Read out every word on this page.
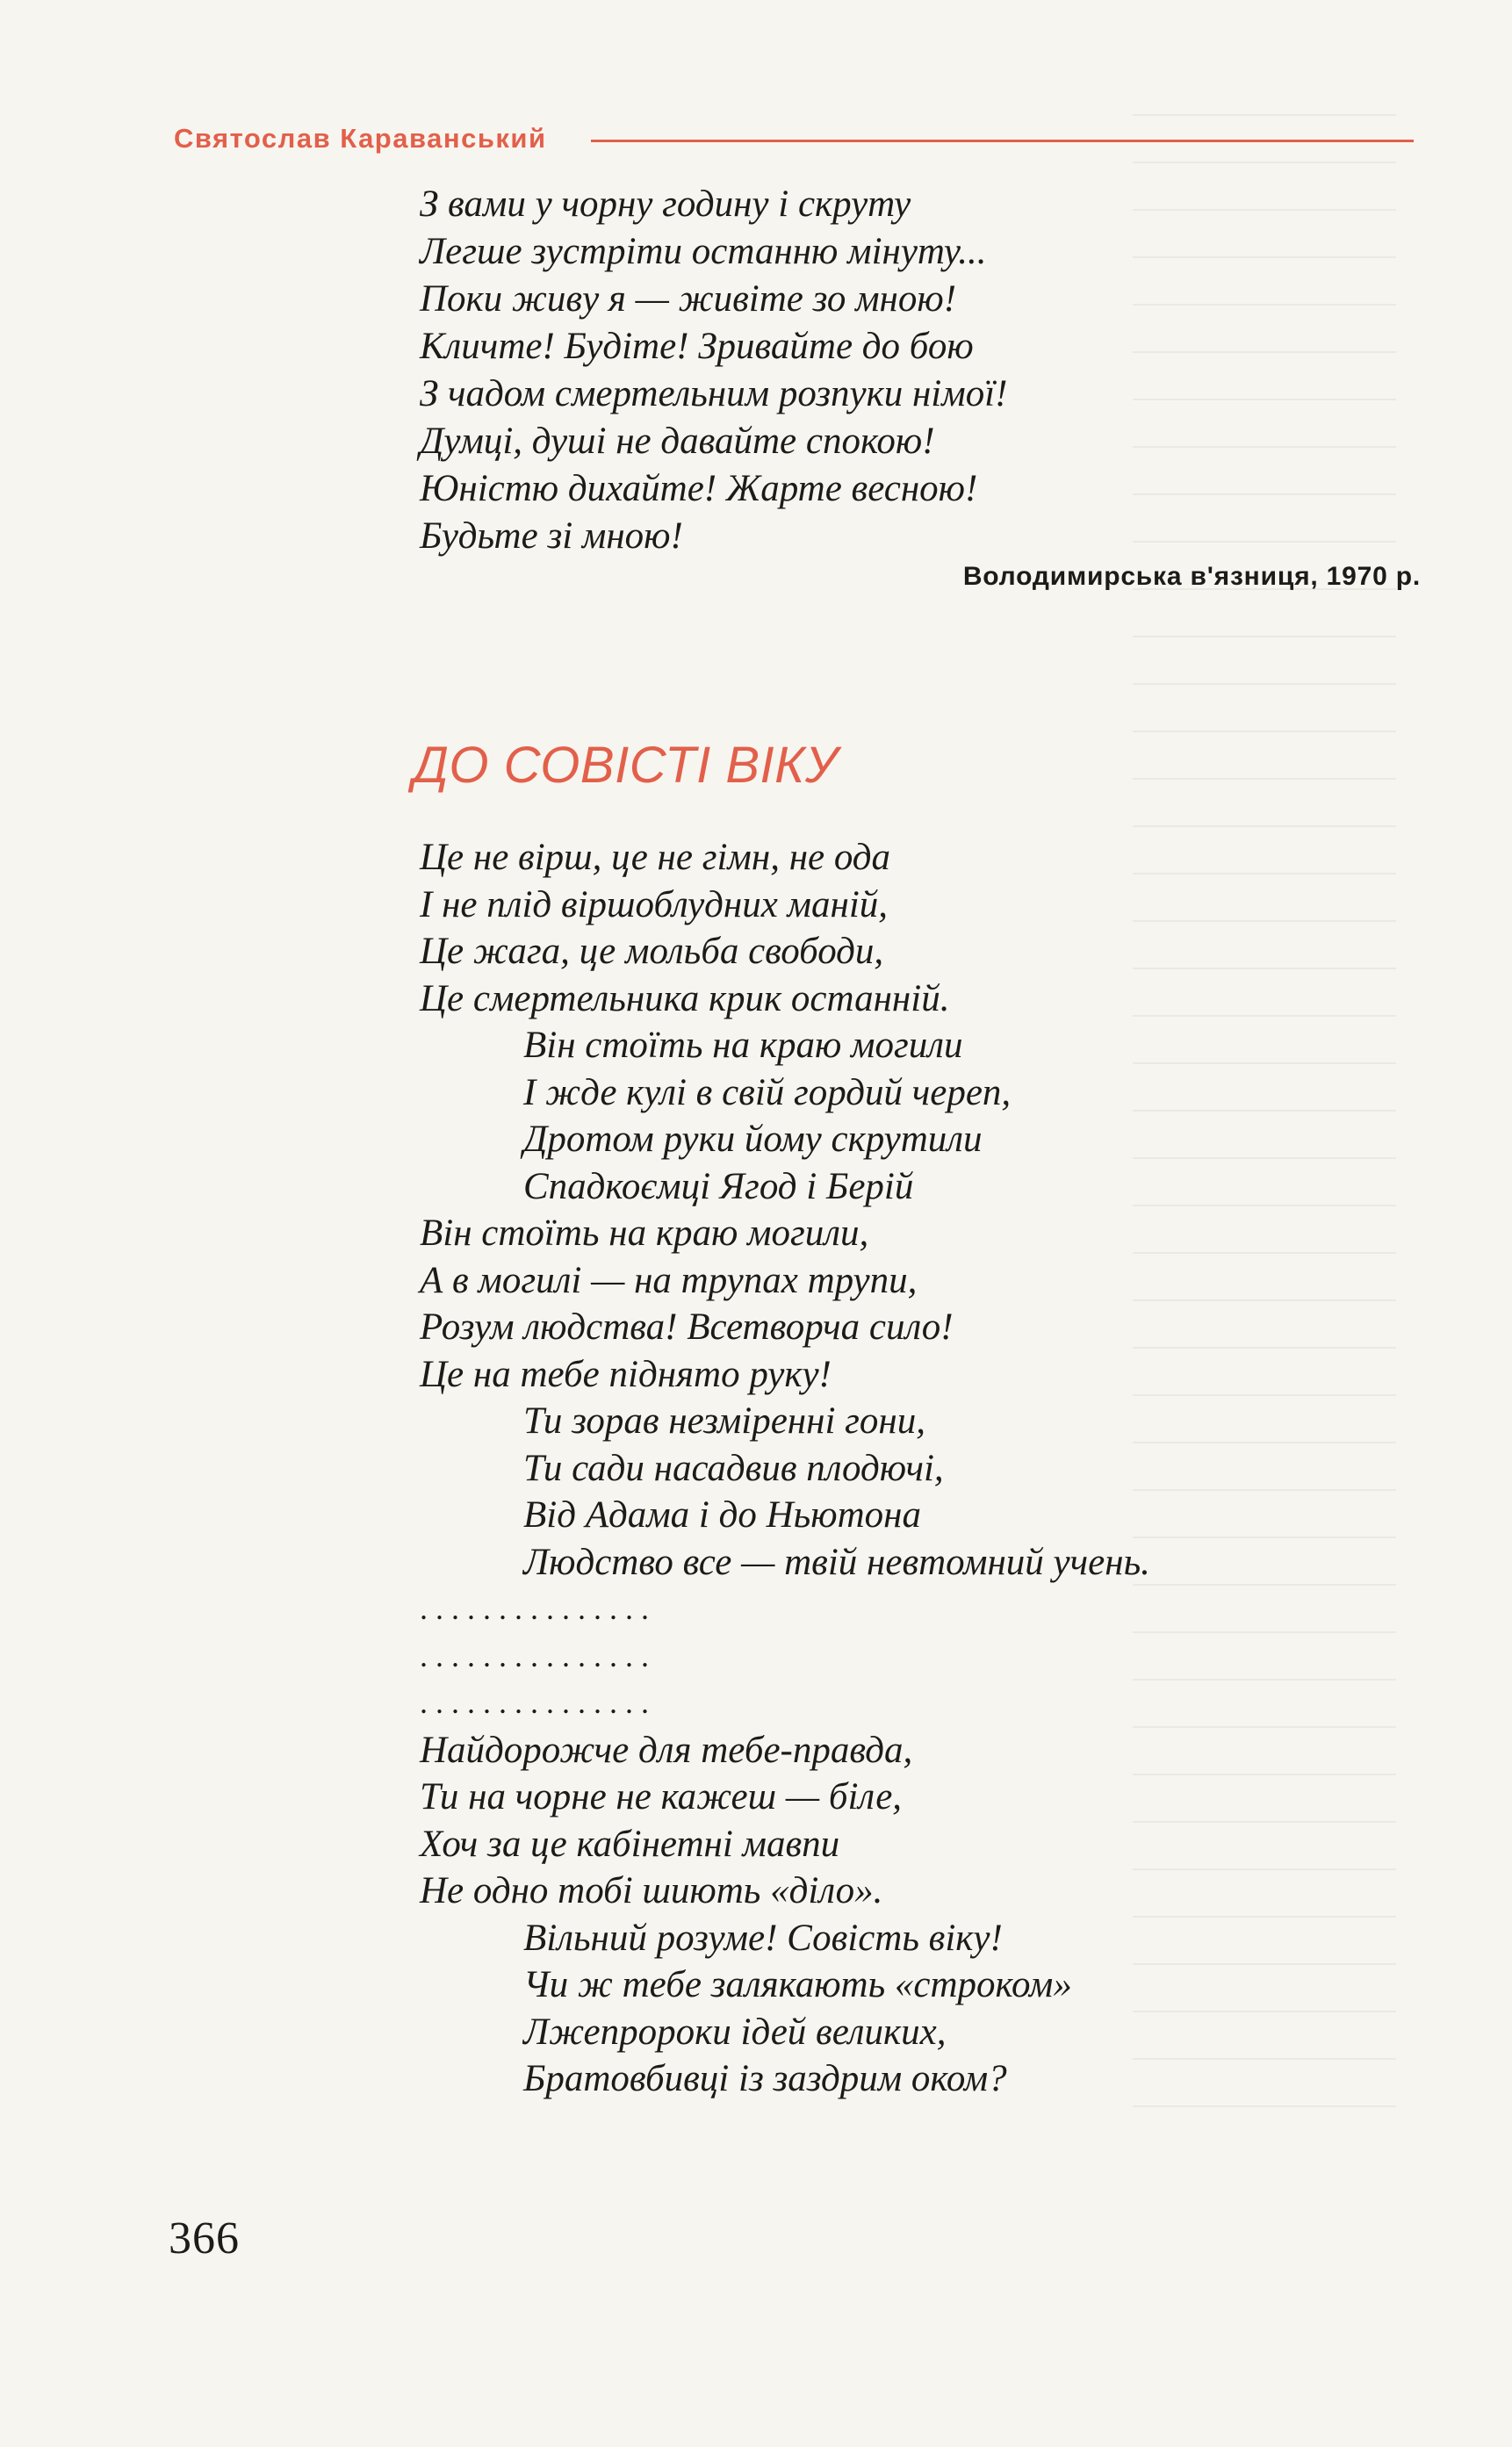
Святослав Караванський
З вами у чорну годину і скруту
Легше зустріти останню мінуту...
Поки живу я — живіте зо мною!
Кличте! Будіте! Зривайте до бою
З чадом смертельним розпуки німої!
Думці, душі не давайте спокою!
Юністю дихайте! Жарте весною!
Будьте зі мною!
Володимирська в'язниця, 1970 р.
ДО СОВІСТІ ВІКУ
Це не вірш, це не гімн, не ода
І не плід віршоблудних маній,
Це жага, це мольба свободи,
Це смертельника крик останній.
Він стоїть на краю могили
І жде кулі в свій гордий череп,
Дротом руки йому скрутили
Спадкоємці Ягод і Берій
Він стоїть на краю могили,
А в могилі — на трупах трупи,
Розум людства! Всетворча сило!
Це на тебе піднято руку!
Ти зорав незміренні гони,
Ти сади насадвив плодючі,
Від Адама і до Ньютона
Людство все — твій невтомний учень.
...............
...............
...............
Найдорожче для тебе-правда,
Ти на чорне не кажеш — біле,
Хоч за це кабінетні мавпи
Не одно тобі шиють «діло».
Вільний розуме! Совість віку!
Чи ж тебе залякають «строком»
Лжепророки ідей великих,
Братовбивці із заздрим оком?
366
